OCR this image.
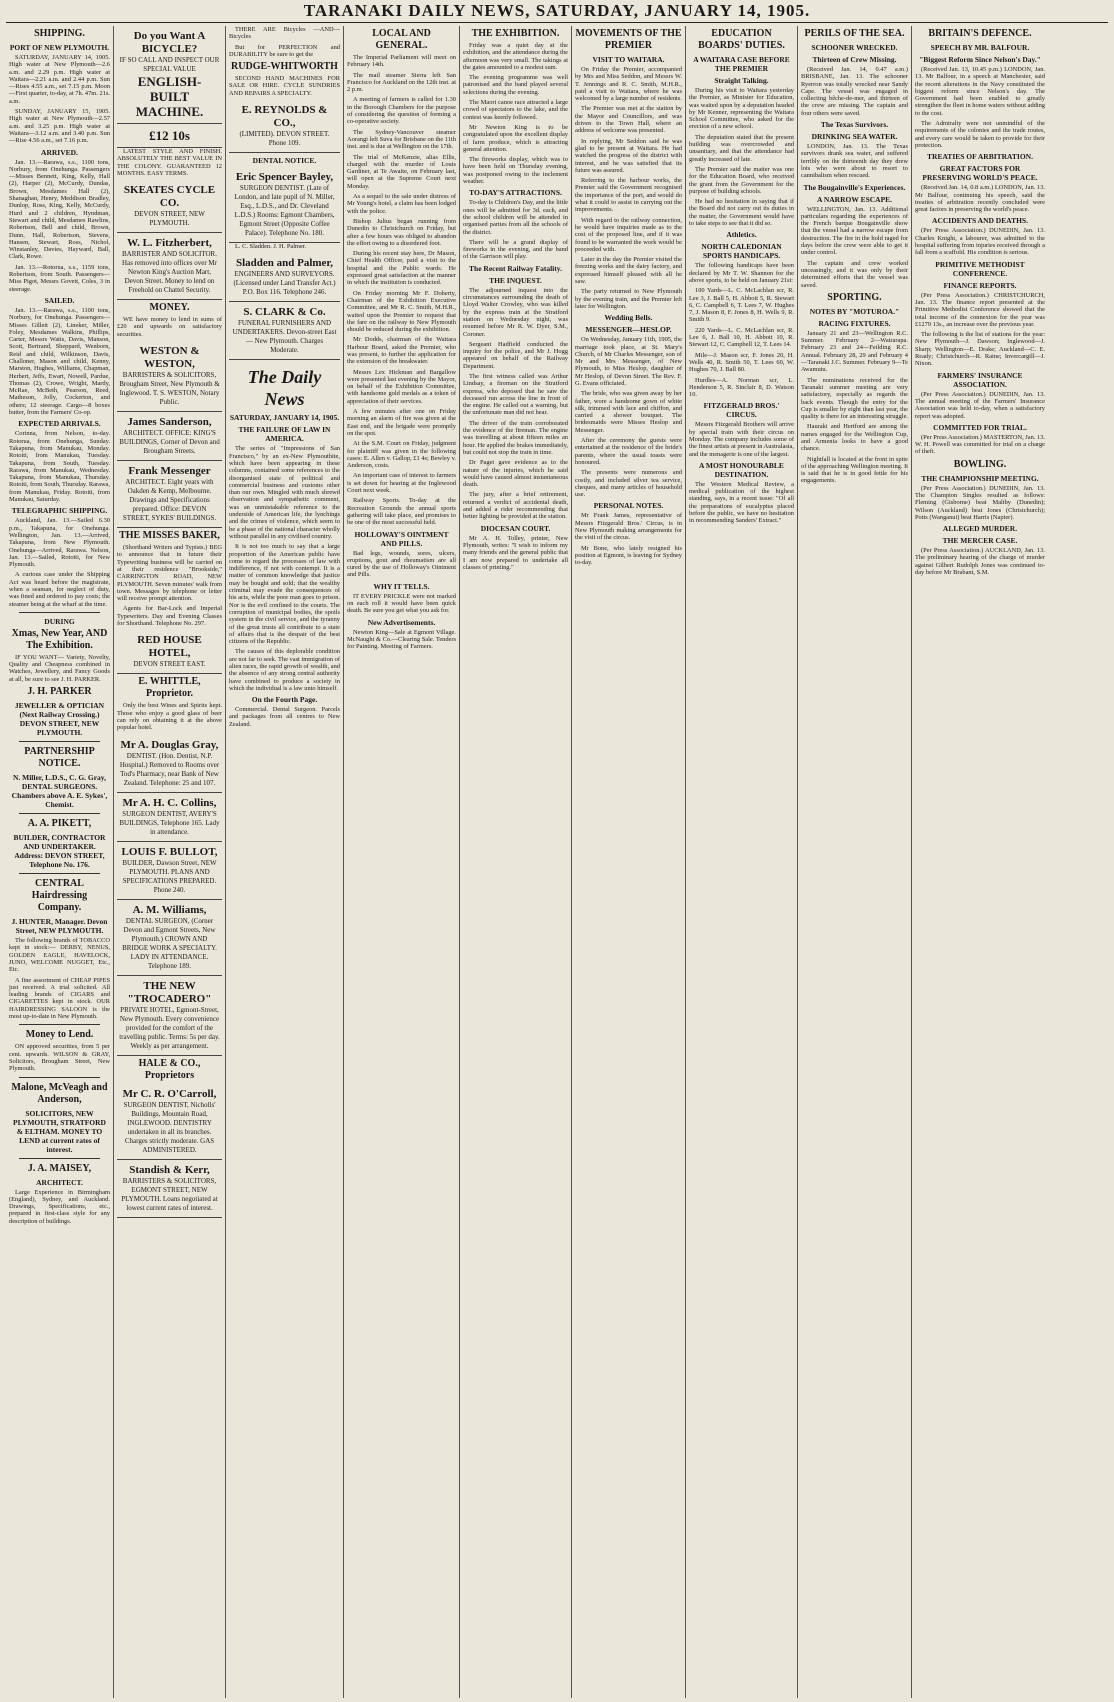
TARANAKI DAILY NEWS, SATURDAY, JANUARY 14, 1905.
SHIPPING.
PORT OF NEW PLYMOUTH.
SATURDAY, JANUARY 14, 1905. High water at New Plymouth—2.6 a.m. and 2.29 p.m. High water at Waitara—2.21 a.m. and 2.44 p.m. Sun—Rises 4.55 a.m., set 7.15 p.m. Moon—First quarter, to-day, at 7h. 47m. 21s. a.m.
SUNDAY, JANUARY 15, 1905. High water at New Plymouth—2.57 a.m. and 3.25 p.m. High water at Waitara—3.12 a.m. and 3.40 p.m. Sun—Rise 4.56 a.m., set 7.16 p.m.
ARRIVED.
Jan. 13.—Rarawa, s.s., 1100 tons, Norbury, from Onehunga. Passengers—Misses Bennett, King, Kelly, Hall (2), Harper (2), McCurdy, Dundas, Brown, Mesdames Hall (2), Shanaghan, Henry, Meddison Bradley, Dunlop, Ross, King, Kelly, McCurdy, Hurd and 2 children, Hyndman, Stewart and child, Mesdames Rawlins, Robertson, Bell and child, Brown, Dunn, Hall, Robertson, Stevens, Hansen, Stewart, Ross, Nichol, Winstanley, Davies, Hayward, Ball, Clark, Rowe.
Jan. 13.—Rotorua, s.s., 1159 tons, Robertson, from South. Passengers—Miss Pigot, Messrs Govett, Coles, 3 in steerage.
SAILED.
Jan. 13.—Rarawa, s.s., 1100 tons, Norbury, for Onehunga. Passengers—Misses Gillett (2), Lineker, Miller, Foley, Mesdames Walkins, Phillips, Carter, Messrs Watts, Davis, Manson, Scott, Bertrand, Sheppard, Wenborn, Reid and child, Wilkinson, Davis, Challoner, Mason and child, Kenny, Marston, Hughes, Williams, Chapman, Herbert, Jeffs, Ewart, Nowell, Pardue, Thomas (2), Crowe, Wright, Mardy, McRae, McBeth, Pearson, Reed, Matheson, Jolly, Cockerton, and others; 12 steerage. Cargo—8 boxes butter, from the Farmers' Co-op.
EXPECTED ARRIVALS.
Corinna, from Nelson, to-day. Rotorua, from Onehunga, Sunday. Takapuna, from Manukau, Monday. Rotoiti, from Manukau, Tuesday. Takapuna, from South, Tuesday. Rarawa, from Manukau, Wednesday. Takapuna, from Manukau, Thursday. Rotoiti, from South, Thursday. Rarawa, from Manukau, Friday. Rotoiti, from Manukau, Saturday.
TELEGRAPHIC SHIPPING.
Auckland, Jan. 13.—Sailed 6.30 p.m., Takapuna, for Onehunga. Wellington, Jan. 13.—Arrived, Takapuna, from New Plymouth. Onehunga—Arrived, Rarawa. Nelson, Jan. 13.—Sailed, Rotoiti, for New Plymouth.
A curious case under the Shipping Act was heard before the magistrate, when a seaman, for neglect of duty, was fined and ordered to pay costs; the steamer being at the wharf at the time.
DURING
Xmas, New Year, AND The Exhibition.
IF YOU WANT— Variety, Novelty, Quality and Cheapness combined in Watches, Jewellery, and Fancy Goods at all, be sure to see J. H. PARKER.
J. H. PARKER
JEWELLER & OPTICIAN (Next Railway Crossing.) DEVON STREET, NEW PLYMOUTH.
PARTNERSHIP NOTICE.
N. Miller, L.D.S., C. G. Gray, DENTAL SURGEONS. Chambers above A. E. Sykes', Chemist.
A. A. PIKETT,
BUILDER, CONTRACTOR AND UNDERTAKER. Address: DEVON STREET, Telephone No. 176.
CENTRAL Hairdressing Company.
J. HUNTER, Manager. Devon Street, NEW PLYMOUTH.
The following brands of TOBACCO kept in stock:— DERBY, NENUS, GOLDEN EAGLE, HAVELOCK, JUNO, WELCOME NUGGET, Etc., Etc.
A fine assortment of CHEAP PIPES just received. A trial solicited. All leading brands of CIGARS and CIGARETTES kept in stock. OUR HAIRDRESSING SALOON is the most up-to-date in New Plymouth.
Money to Lend.
ON approved securities, from 5 per cent. upwards. WILSON & GRAY, Solicitors, Brougham Street, New Plymouth.
Malone, McVeagh and Anderson,
SOLICITORS, NEW PLYMOUTH, STRATFORD & ELTHAM. MONEY TO LEND at current rates of interest.
J. A. MAISEY,
ARCHITECT.
Large Experience in Birmingham (England), Sydney, and Auckland. Drawings, Specifications, etc., prepared in first-class style for any description of buildings.
Do you Want A BICYCLE?
IF SO CALL AND INSPECT OUR SPECIAL VALUE
ENGLISH-BUILT MACHINE.
£12 10s
LATEST STYLE AND FINISH. ABSOLUTELY THE BEST VALUE IN THE COLONY. GUARANTEED 12 MONTHS. EASY TERMS.
SKEATES CYCLE CO.
DEVON STREET, NEW PLYMOUTH.
W. L. Fitzherbert,
BARRISTER AND SOLICITOR. Has removed into offices over Mr Newton King's Auction Mart, Devon Street. Money to lend on Freehold on Chattel Security.
MONEY.
WE have money to lend in sums of £20 and upwards on satisfactory securities.
WESTON & WESTON,
BARRISTERS & SOLICITORS, Brougham Street, New Plymouth & Inglewood. T. S. WESTON, Notary Public.
James Sanderson,
ARCHITECT. OFFICE: KING'S BUILDINGS, Corner of Devon and Brougham Streets.
Frank Messenger
ARCHITECT. Eight years with Oakden & Kemp, Melbourne. Drawings and Specifications prepared. Office: DEVON STREET, SYKES' BUILDINGS.
THE MISSES BAKER,
(Shorthand Writers and Typists.) BEG to announce that in future their Typewriting business will be carried on at their residence "Brookside," CARRINGTON ROAD, NEW PLYMOUTH. Seven minutes' walk from town. Messages by telephone or letter will receive prompt attention.
Agents for Bar-Lock and Imperial Typewriters. Day and Evening Classes for Shorthand. Telephone No. 297.
RED HOUSE HOTEL,
DEVON STREET EAST.
E. WHITTLE, Proprietor.
Only the best Wines and Spirits kept. Those who enjoy a good glass of beer can rely on obtaining it at the above popular hotel.
Mr A. Douglas Gray,
DENTIST. (Hon. Dentist, N.P. Hospital.) Removed to Rooms over Tod's Pharmacy, near Bank of New Zealand. Telephone: 25 and 107.
Mr A. H. C. Collins,
SURGEON DENTIST, AVERY'S BUILDINGS, Telephone 165. Lady in attendance.
LOUIS F. BULLOT,
BUILDER, Dawson Street, NEW PLYMOUTH. PLANS AND SPECIFICATIONS PREPARED. Phone 240.
A. M. Williams,
DENTAL SURGEON, (Corner Devon and Egmont Streets, New Plymouth.) CROWN AND BRIDGE WORK A SPECIALTY. LADY IN ATTENDANCE. Telephone 189.
THE NEW "TROCADERO"
PRIVATE HOTEL, Egmont-Street, New Plymouth. Every convenience provided for the comfort of the travelling public. Terms: 5s per day. Weekly as per arrangement.
HALE & CO., Proprietors
Mr C. R. O'Carroll,
SURGEON DENTIST, Nicholls' Buildings, Mountain Road, INGLEWOOD. DENTISTRY undertaken in all its branches. Charges strictly moderate. GAS ADMINISTERED.
Standish & Kerr,
BARRISTERS & SOLICITORS, EGMONT STREET, NEW PLYMOUTH. Loans negotiated at lowest current rates of interest.
THERE ARE Bicycles —AND— Bicycles
But for PERFECTION and DURABILITY be sure to get the
RUDGE-WHITWORTH
SECOND HAND MACHINES FOR SALE OR HIRE. CYCLE SUNDRIES AND REPAIRS A SPECIALTY.
E. REYNOLDS & CO.,
(LIMITED). DEVON STREET. Phone 109.
DENTAL NOTICE.
Eric Spencer Bayley,
SURGEON DENTIST. (Late of London, and late pupil of N. Miller, Esq., L.D.S., and Dr. Cleveland L.D.S.) Rooms: Egmont Chambers, Egmont Street (Opposite Coffee Palace). Telephone No. 180.
L. C. Sladden. J. H. Palmer.
Sladden and Palmer,
ENGINEERS AND SURVEYORS. (Licensed under Land Transfer Act.) P.O. Box 116. Telephone 246.
S. CLARK & Co.
FUNERAL FURNISHERS AND UNDERTAKERS. Devon-street East — New Plymouth. Charges Moderate.
The Daily News
SATURDAY, JANUARY 14, 1905.
THE FAILURE OF LAW IN AMERICA.
The series of "Impressions of San Francisco," by an ex-New Plymouthite, which have been appearing in these columns, contained some references to the disorganised state of political and commercial business and customs other than our own. Mingled with much shrewd observation and sympathetic comment, was an unmistakable reference to the underside of American life, the lynchings and the crimes of violence, which seem to be a phase of the national character wholly without parallel in any civilised country.
It is not too much to say that a large proportion of the American public have come to regard the processes of law with indifference, if not with contempt. It is a matter of common knowledge that justice may be bought and sold; that the wealthy criminal may evade the consequences of his acts, while the poor man goes to prison. Nor is the evil confined to the courts. The corruption of municipal bodies, the spoils system in the civil service, and the tyranny of the great trusts all contribute to a state of affairs that is the despair of the best citizens of the Republic.
The causes of this deplorable condition are not far to seek. The vast immigration of alien races, the rapid growth of wealth, and the absence of any strong central authority have combined to produce a society in which the individual is a law unto himself.
On the Fourth Page.
Commercial. Dental Surgeon. Parcels and packages from all centres to New Zealand.
LOCAL AND GENERAL.
The Imperial Parliament will meet on February 14th.
The mail steamer Sierra left San Francisco for Auckland on the 12th inst. at 2 p.m.
A meeting of farmers is called for 1.30 in the Borough Chambers for the purpose of considering the question of forming a co-operative society.
The Sydney-Vancouver steamer Aorangi left Suva for Brisbane on the 11th inst. and is due at Wellington on the 17th.
The trial of McKenzie, alias Ellis, charged with the murder of Louis Gardiner, at Te Awaite, on February last, will open at the Supreme Court next Monday.
As a sequel to the sale under distress of Mr Young's hotel, a claim has been lodged with the police.
Bishop Julius began running from Dunedin to Christchurch on Friday, but after a few hours was obliged to abandon the effort owing to a disordered foot.
During his recent stay here, Dr Mason, Chief Health Officer, paid a visit to the hospital and the Public wards. He expressed great satisfaction at the manner in which the institution is conducted.
On Friday morning Mr F. Doherty, Chairman of the Exhibition Executive Committee, and Mr R. C. Smith, M.H.R., waited upon the Premier to request that the fare on the railway to New Plymouth should be reduced during the exhibition.
Mr Dodds, chairman of the Waitara Harbour Board, asked the Premier, who was present, to further the application for the extension of the breakwater.
Messrs Lex Hickman and Bargallow were presented last evening by the Mayor, on behalf of the Exhibition Committee, with handsome gold medals as a token of appreciation of their services.
A few minutes after one on Friday morning an alarm of fire was given at the East end, and the brigade were promptly on the spot.
At the S.M. Court on Friday, judgment for plaintiff was given in the following cases: E. Allen v. Gallop, £1 4s; Bewley v. Anderson, costs.
An important case of interest to farmers is set down for hearing at the Inglewood Court next week.
Railway Sports. To-day at the Recreation Grounds the annual sports gathering will take place, and promises to be one of the most successful held.
HOLLOWAY'S OINTMENT AND PILLS.
Bad legs, wounds, sores, ulcers, eruptions, gout and rheumatism are all cured by the use of Holloway's Ointment and Pills.
WHY IT TELLS.
IT EVERY PRICKLE were not marked on each roll it would have been quick death. Be sure you get what you ask for.
New Advertisements.
Newton King—Sale at Egmont Village. McNaught & Co.—Clearing Sale. Tenders for Painting. Meeting of Farmers.
THE EXHIBITION.
Friday was a quiet day at the exhibition, and the attendance during the afternoon was very small. The takings at the gates amounted to a modest sum.
The evening programme was well patronised and the band played several selections during the evening.
The Maori canoe race attracted a large crowd of spectators to the lake, and the contest was keenly followed.
Mr Newton King is to be congratulated upon the excellent display of farm produce, which is attracting general attention.
The fireworks display, which was to have been held on Thursday evening, was postponed owing to the inclement weather.
TO-DAY'S ATTRACTIONS.
To-day is Children's Day, and the little ones will be admitted for 3d. each, and the school children will be attended in organised parties from all the schools of the district.
There will be a grand display of fireworks in the evening, and the band of the Garrison will play.
The Recent Railway Fatality.
THE INQUEST.
The adjourned inquest into the circumstances surrounding the death of Lloyd Walter Crowley, who was killed by the express train at the Stratford station on Wednesday night, was resumed before Mr R. W. Dyer, S.M., Coroner.
Sergeant Hadfield conducted the inquiry for the police, and Mr J. Hogg appeared on behalf of the Railway Department.
The first witness called was Arthur Lindsay, a fireman on the Stratford express, who deposed that he saw the deceased run across the line in front of the engine. He called out a warning, but the unfortunate man did not hear.
The driver of the train corroborated the evidence of the fireman. The engine was travelling at about fifteen miles an hour. He applied the brakes immediately, but could not stop the train in time.
Dr Paget gave evidence as to the nature of the injuries, which he said would have caused almost instantaneous death.
The jury, after a brief retirement, returned a verdict of accidental death, and added a rider recommending that better lighting be provided at the station.
DIOCESAN COURT.
Mr A. H. Tolley, printer, New Plymouth, writes: "I wish to inform my many friends and the general public that I am now prepared to undertake all classes of printing."
MOVEMENTS OF THE PREMIER
VISIT TO WAITARA.
On Friday the Premier, accompanied by Mrs and Miss Seddon, and Messrs W. T. Jennings and R. C. Smith, M.H.R., paid a visit to Waitara, where he was welcomed by a large number of residents.
The Premier was met at the station by the Mayor and Councillors, and was driven to the Town Hall, where an address of welcome was presented.
In replying, Mr Seddon said he was glad to be present at Waitara. He had watched the progress of the district with interest, and he was satisfied that its future was assured.
Referring to the harbour works, the Premier said the Government recognised the importance of the port, and would do what it could to assist in carrying out the improvements.
With regard to the railway connection, he would have inquiries made as to the cost of the proposed line, and if it was found to be warranted the work would be proceeded with.
Later in the day the Premier visited the freezing works and the dairy factory, and expressed himself pleased with all he saw.
The party returned to New Plymouth by the evening train, and the Premier left later for Wellington.
Wedding Bells.
MESSENGER—HESLOP.
On Wednesday, January 11th, 1905, the marriage took place, at St. Mary's Church, of Mr Charles Messenger, son of Mr and Mrs Messenger, of New Plymouth, to Miss Heslop, daughter of Mr Heslop, of Devon Street. The Rev. F. G. Evans officiated.
The bride, who was given away by her father, wore a handsome gown of white silk, trimmed with lace and chiffon, and carried a shower bouquet. The bridesmaids were Misses Heslop and Messenger.
After the ceremony the guests were entertained at the residence of the bride's parents, where the usual toasts were honoured.
The presents were numerous and costly, and included silver tea service, cheques, and many articles of household use.
PERSONAL NOTES.
Mr Frank James, representative of Messrs Fitzgerald Bros.' Circus, is in New Plymouth making arrangements for the visit of the circus.
Mr Bone, who lately resigned his position at Egmont, is leaving for Sydney to-day.
EDUCATION BOARDS' DUTIES.
A WAITARA CASE BEFORE THE PREMIER
Straight Talking.
During his visit to Waitara yesterday the Premier, as Minister for Education, was waited upon by a deputation headed by Mr Kenner, representing the Waitara School Committee, who asked for the erection of a new school.
The deputation stated that the present building was overcrowded and unsanitary, and that the attendance had greatly increased of late.
The Premier said the matter was one for the Education Board, who received the grant from the Government for the purpose of building schools.
He had no hesitation in saying that if the Board did not carry out its duties in the matter, the Government would have to take steps to see that it did so.
Athletics.
NORTH CALEDONIAN SPORTS HANDICAPS.
The following handicaps have been declared by Mr T. W. Shannon for the above sports, to be held on January 21st:
100 Yards—L. C. McLachlan scr, R. Lee 3, J. Ball 5, H. Abbott 5, R. Stewart 6, C. Campbell 6, T. Lees 7, W. Hughes 7, J. Mason 8, F. Jones 8, H. Wells 9, R. Smith 9.
220 Yards—L. C. McLachlan scr, R. Lee 6, J. Ball 10, H. Abbott 10, R. Stewart 12, C. Campbell 12, T. Lees 14.
Mile—J. Mason scr, F. Jones 20, H. Wells 40, R. Smith 50, T. Lees 60, W. Hughes 70, J. Ball 80.
Hurdles—A. Norman scr, L. Henderson 5, R. Sinclair 8, D. Watson 10.
FITZGERALD BROS.' CIRCUS.
Messrs Fitzgerald Brothers will arrive by special train with their circus on Monday. The company includes some of the finest artists at present in Australasia, and the menagerie is one of the largest.
A MOST HONOURABLE DESTINATION.
The Western Medical Review, a medical publication of the highest standing, says, in a recent issue: "Of all the preparations of eucalyptus placed before the public, we have no hesitation in recommending Sanders' Extract."
PERILS OF THE SEA.
SCHOONER WRECKED.
Thirteen of Crew Missing.
(Received Jan. 14, 0.47 a.m.) BRISBANE, Jan. 13. The schooner Ryerron was totally wrecked near Sandy Cape. The vessel was engaged in collecting bêche-de-mer, and thirteen of the crew are missing. The captain and four others were saved.
The Texas Survivors.
DRINKING SEA WATER.
LONDON, Jan. 13. The Texas survivors drank sea water, and suffered terribly on the thirteenth day they drew lots who were about to resort to cannibalism when rescued.
The Bougainville's Experiences.
A NARROW ESCAPE.
WELLINGTON, Jan. 13. Additional particulars regarding the experiences of the French barque Bougainville show that the vessel had a narrow escape from destruction. The fire in the hold raged for days before the crew were able to get it under control.
The captain and crew worked unceasingly, and it was only by their determined efforts that the vessel was saved.
SPORTING.
NOTES BY "MOTUROA."
RACING FIXTURES.
January 21 and 23—Wellington R.C. Summer. February 2—Wairarapa. February 23 and 24—Feilding R.C. Annual. February 28, 29 and February 4—Taranaki J.C. Summer. February 9—Te Awamutu.
The nominations received for the Taranaki summer meeting are very satisfactory, especially as regards the back events. Though the entry for the Cup is smaller by eight than last year, the quality is there for an interesting struggle.
Hauraki and Hertford are among the names engaged for the Wellington Cup, and Armenia looks to have a good chance.
Nightfall is located at the front in spite of the approaching Wellington meeting. It is said that he is in good fettle for his engagements.
BRITAIN'S DEFENCE.
SPEECH BY MR. BALFOUR.
"Biggest Reform Since Nelson's Day."
(Received Jan. 13, 10.45 p.m.) LONDON, Jan. 13. Mr Balfour, in a speech at Manchester, said the recent alterations in the Navy constituted the biggest reform since Nelson's day. The Government had been enabled to greatly strengthen the fleet in home waters without adding to the cost.
The Admiralty were not unmindful of the requirements of the colonies and the trade routes, and every care would be taken to provide for their protection.
TREATIES OF ARBITRATION.
GREAT FACTORS FOR PRESERVING WORLD'S PEACE.
(Received Jan. 14, 0.8 a.m.) LONDON, Jan. 13. Mr Balfour, continuing his speech, said the treaties of arbitration recently concluded were great factors in preserving the world's peace.
ACCIDENTS AND DEATHS.
(Per Press Association.) DUNEDIN, Jan. 13. Charles Knight, a labourer, was admitted to the hospital suffering from injuries received through a fall from a scaffold. His condition is serious.
PRIMITIVE METHODIST CONFERENCE.
FINANCE REPORTS.
(Per Press Association.) CHRISTCHURCH, Jan. 13. The finance report presented at the Primitive Methodist Conference showed that the total income of the connexion for the year was £1279 13s., an increase over the previous year.
The following is the list of stations for the year: New Plymouth—J. Dawson; Inglewood—J. Sharp; Wellington—E. Drake; Auckland—C. E. Ready; Christchurch—R. Raine; Invercargill—J. Nixon.
FARMERS' INSURANCE ASSOCIATION.
(Per Press Association.) DUNEDIN, Jan. 13. The annual meeting of the Farmers' Insurance Association was held to-day, when a satisfactory report was adopted.
COMMITTED FOR TRIAL.
(Per Press Association.) MASTERTON, Jan. 13. W. H. Powell was committed for trial on a charge of theft.
BOWLING.
THE CHAMPIONSHIP MEETING.
(Per Press Association.) DUNEDIN, Jan. 13. The Champion Singles resulted as follows: Fleming (Gisborne) beat Maltby (Dunedin); Wilson (Auckland) beat Jones (Christchurch); Potts (Wanganui) beat Harris (Napier).
ALLEGED MURDER.
THE MERCER CASE.
(Per Press Association.) AUCKLAND, Jan. 13. The preliminary hearing of the charge of murder against Gilbert Rudolph Jones was continued to-day before Mr Brabant, S.M.
